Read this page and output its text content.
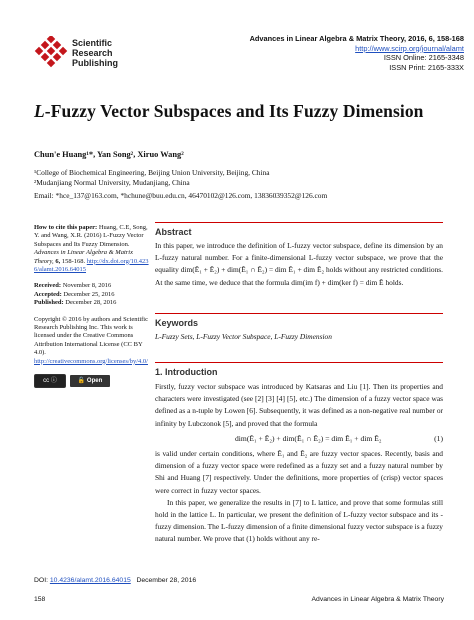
Scientific
Research
Publishing
Advances in Linear Algebra & Matrix Theory, 2016, 6, 158-168
http://www.scirp.org/journal/alamt
ISSN Online: 2165-3348
ISSN Print: 2165-333X
L-Fuzzy Vector Subspaces and Its Fuzzy Dimension
Chun'e Huang¹*, Yan Song², Xiruo Wang²
¹College of Biochemical Engineering, Beijing Union University, Beijing, China
²Mudanjiang Normal University, Mudanjiang, China
Email: *hce_137@163.com, *hchune@buu.edu.cn, 46470102@126.com, 13836039352@126.com

How to cite this paper: Huang, C.E, Song, Y. and Wang, X.R. (2016) L-Fuzzy Vector Subspaces and Its Fuzzy Dimension. Advances in Linear Algebra & Matrix Theory, 6, 158-168. http://dx.doi.org/10.4236/alamt.2016.64015

Received: November 8, 2016
Accepted: December 25, 2016
Published: December 28, 2016

Copyright © 2016 by authors and Scientific Research Publishing Inc. This work is licensed under the Creative Commons Attribution International License (CC BY 4.0).
http://creativecommons.org/licenses/by/4.0/

cc ⓘ	🔓 Open Access
Abstract
In this paper, we introduce the definition of L-fuzzy vector subspace, define its dimension by an L-fuzzy natural number. For a finite-dimensional L-fuzzy vector subspace, we prove that the equality dim(Ẽ₁ + Ẽ₂) + dim(Ẽ₁ ∩ Ẽ₂) = dim Ẽ₁ + dim Ẽ₂ holds without any restricted conditions. At the same time, we deduce that the formula dim(im f) + dim(ker f) = dim Ẽ holds.
Keywords
L-Fuzzy Sets, L-Fuzzy Vector Subspace, L-Fuzzy Dimension
1. Introduction

Firstly, fuzzy vector subspace was introduced by Katsaras and Liu [1]. Then its properties and characters were investigated (see [2] [3] [4] [5], etc.) The dimension of a fuzzy vector space was defined as a n-tuple by Lowen [6]. Subsequently, it was defined as a non-negative real number or infinity by Lubczonok [5], and proved that the formula

dim(Ẽ₁ + Ẽ₂) + dim(Ẽ₁ ∩ Ẽ₂) = dim Ẽ₁ + dim Ẽ₂	(1)

is valid under certain conditions, where Ẽ₁ and Ẽ₂ are fuzzy vector spaces. Recently, basis and dimension of a fuzzy vector space were redefined as a fuzzy set and a fuzzy natural number by Shi and Huang [7] respectively. Under the definitions, more properties of (crisp) vector spaces were correct in fuzzy vector spaces.

In this paper, we generalize the results in [7] to L lattice, and prove that some formulas still hold in the lattice L. In particular, we present the definition of L-fuzzy vector subspace and its -fuzzy dimension. The L-fuzzy dimension of a finite dimensional fuzzy vector subspace is a fuzzy natural number. We prove that (1) holds without any re-

DOI: 10.4236/alamt.2016.64015 December 28, 2016
158	Advances in Linear Algebra & Matrix Theory
